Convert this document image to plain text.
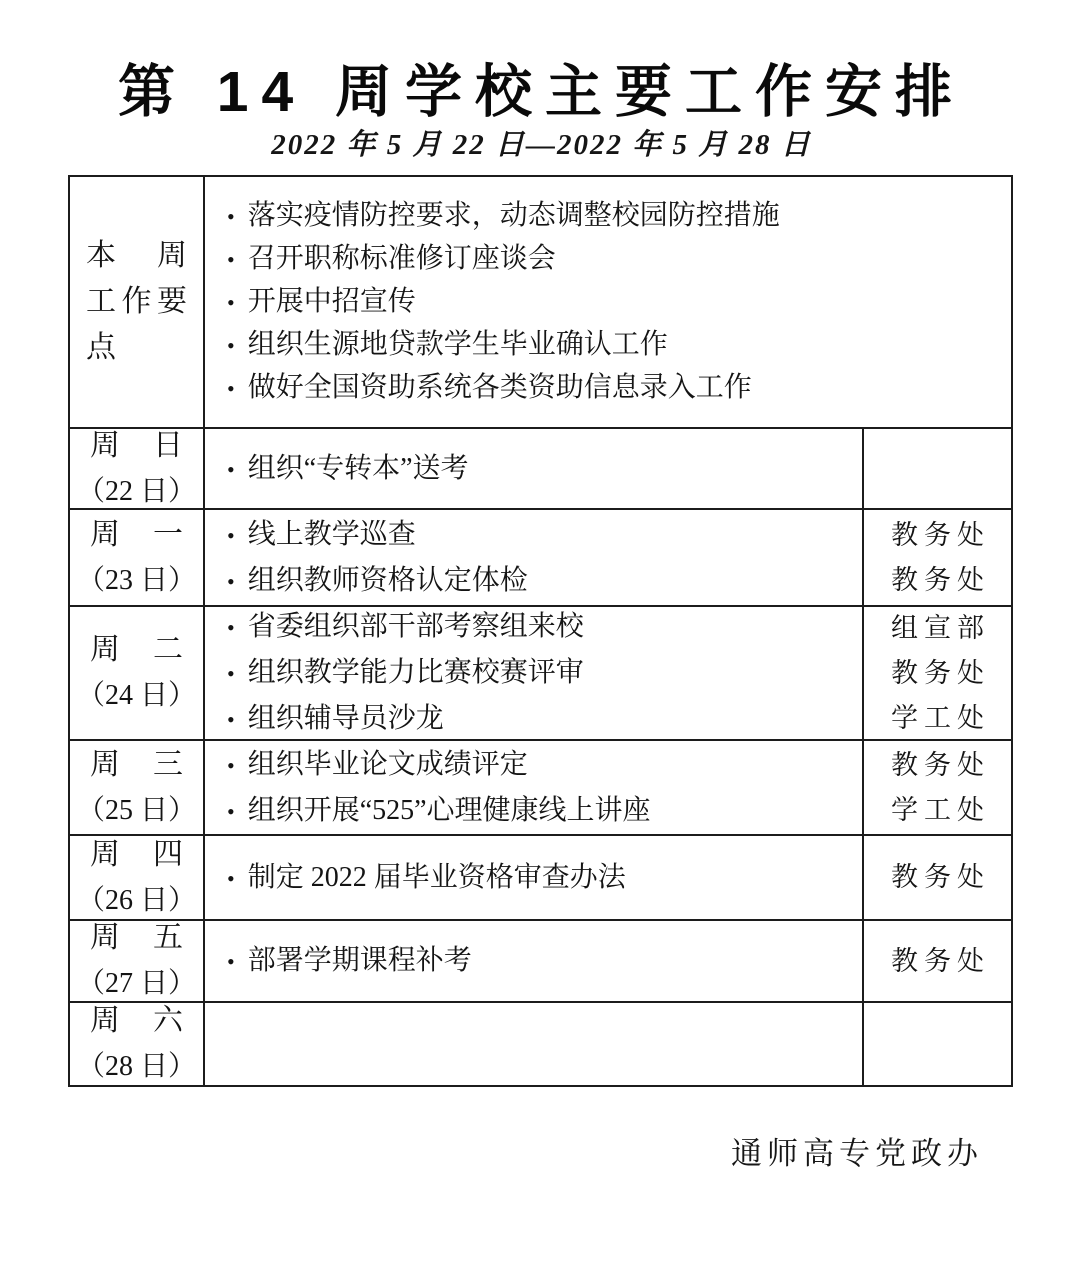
第 14 周学校主要工作安排
2022 年 5 月 22 日—2022 年 5 月 28 日
本　周
工作要点
• 落实疫情防控要求，动态调整校园防控措施
• 召开职称标准修订座谈会
• 开展中招宣传
• 组织生源地贷款学生毕业确认工作
• 做好全国资助系统各类资助信息录入工作
周　日
（22 日）
• 组织“专转本”送考
周　一
（23 日）
• 线上教学巡查
• 组织教师资格认定体检
教务处
教务处
周　二
（24 日）
• 省委组织部干部考察组来校
• 组织教学能力比赛校赛评审
• 组织辅导员沙龙
组宣部
教务处
学工处
周　三
（25 日）
• 组织毕业论文成绩评定
• 组织开展“525”心理健康线上讲座
教务处
学工处
周　四
（26 日）
• 制定 2022 届毕业资格审查办法	教务处
周　五
（27 日）
• 部署学期课程补考	教务处
周　六
（28 日）
通师高专党政办
